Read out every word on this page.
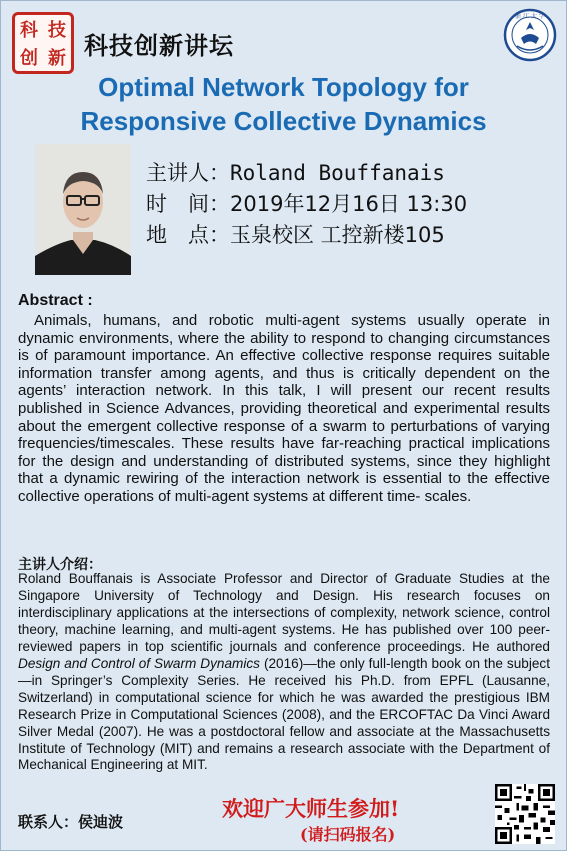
科 技
创 新 科技创新讲坛
浙 江 大 学
Optimal Network Topology for
Responsive Collective Dynamics
主讲人：Roland Bouffanais
时　间：2019年12月16日 13:30
地　点：玉泉校区 工控新楼105
Abstract :
Animals, humans, and robotic multi-agent systems usually operate in dynamic environments, where the ability to respond to changing circumstances is of paramount importance. An effective collective response requires suitable information transfer among agents, and thus is critically dependent on the agents’ interaction network. In this talk, I will present our recent results published in Science Advances, providing theoretical and experimental results about the emergent collective response of a swarm to perturbations of varying frequencies/timescales. These results have far-reaching practical implications for the design and understanding of distributed systems, since they highlight that a dynamic rewiring of the interaction network is essential to the effective collective operations of multi-agent systems at different time- scales.
主讲人介绍：
Roland Bouffanais is Associate Professor and Director of Graduate Studies at the Singapore University of Technology and Design. His research focuses on interdisciplinary applications at the intersections of complexity, network science, control theory, machine learning, and multi-agent systems. He has published over 100 peer-reviewed papers in top scientific journals and conference proceedings. He authored Design and Control of Swarm Dynamics (2016)—the only full-length book on the subject—in Springer’s Complexity Series. He received his Ph.D. from EPFL (Lausanne, Switzerland) in computational science for which he was awarded the prestigious IBM Research Prize in Computational Sciences (2008), and the ERCOFTAC Da Vinci Award Silver Medal (2007). He was a postdoctoral fellow and associate at the Massachusetts Institute of Technology (MIT) and remains a research associate with the Department of Mechanical Engineering at MIT.
联系人：侯迪波
欢迎广大师生参加!
(请扫码报名)
